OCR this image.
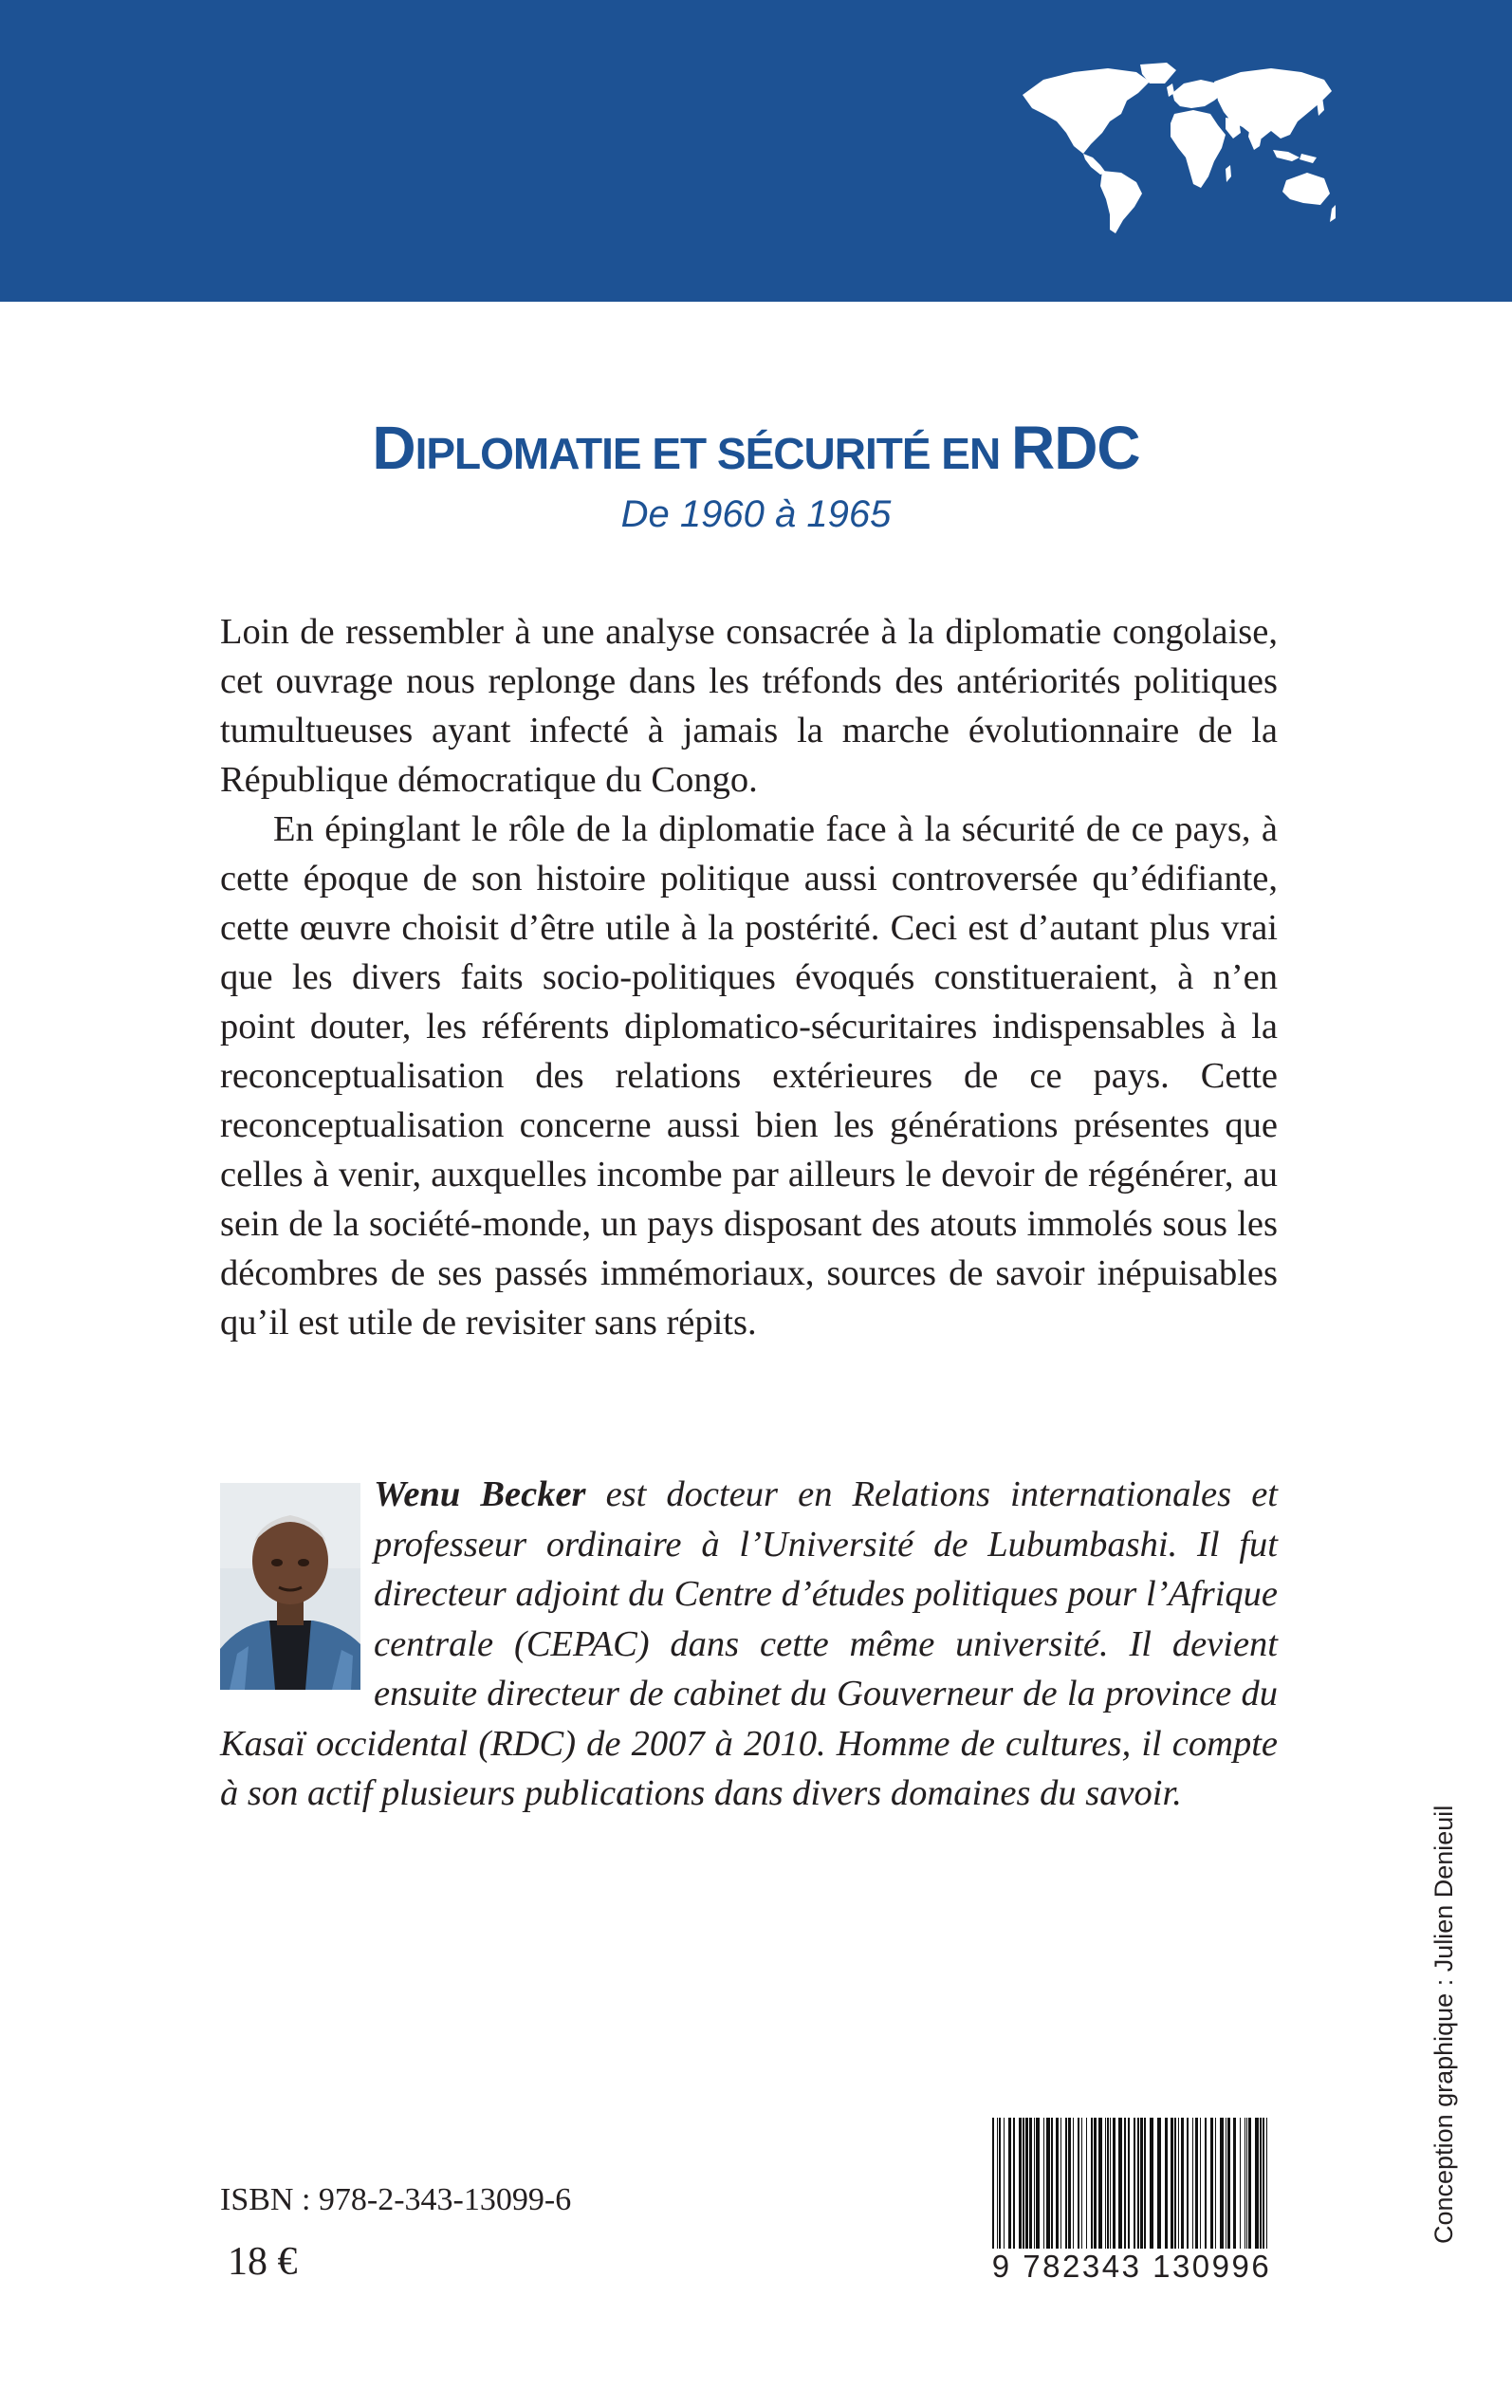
DIPLOMATIE ET SÉCURITÉ EN RDC
De 1960 à 1965

Loin de ressembler à une analyse consacrée à la diplomatie congolaise, cet ouvrage nous replonge dans les tréfonds des antériorités politiques tumultueuses ayant infecté à jamais la marche évolutionnaire de la République démocratique du Congo.

En épinglant le rôle de la diplomatie face à la sécurité de ce pays, à cette époque de son histoire politique aussi controversée qu’édifiante, cette œuvre choisit d’être utile à la postérité. Ceci est d’autant plus vrai que les divers faits socio-politiques évoqués constitueraient, à n’en point douter, les référents diplomatico-sécuritaires indispensables à la reconceptualisation des relations extérieures de ce pays. Cette reconceptualisation concerne aussi bien les générations présentes que celles à venir, auxquelles incombe par ailleurs le devoir de régénérer, au sein de la société-monde, un pays disposant des atouts immolés sous les décombres de ses passés immémoriaux, sources de savoir inépuisables qu’il est utile de revisiter sans répits.

Wenu Becker est docteur en Relations internationales et professeur ordinaire à l’Université de Lubumbashi. Il fut directeur adjoint du Centre d’études politiques pour l’Afrique centrale (CEPAC) dans cette même université. Il devient ensuite directeur de cabinet du Gouverneur de la province du Kasaï occidental (RDC) de 2007 à 2010. Homme de cultures, il compte à son actif plusieurs publications dans divers domaines du savoir.
ISBN : 978-2-343-13099-6
18 €	9 782343 130996
Conception graphique : Julien Denieuil
